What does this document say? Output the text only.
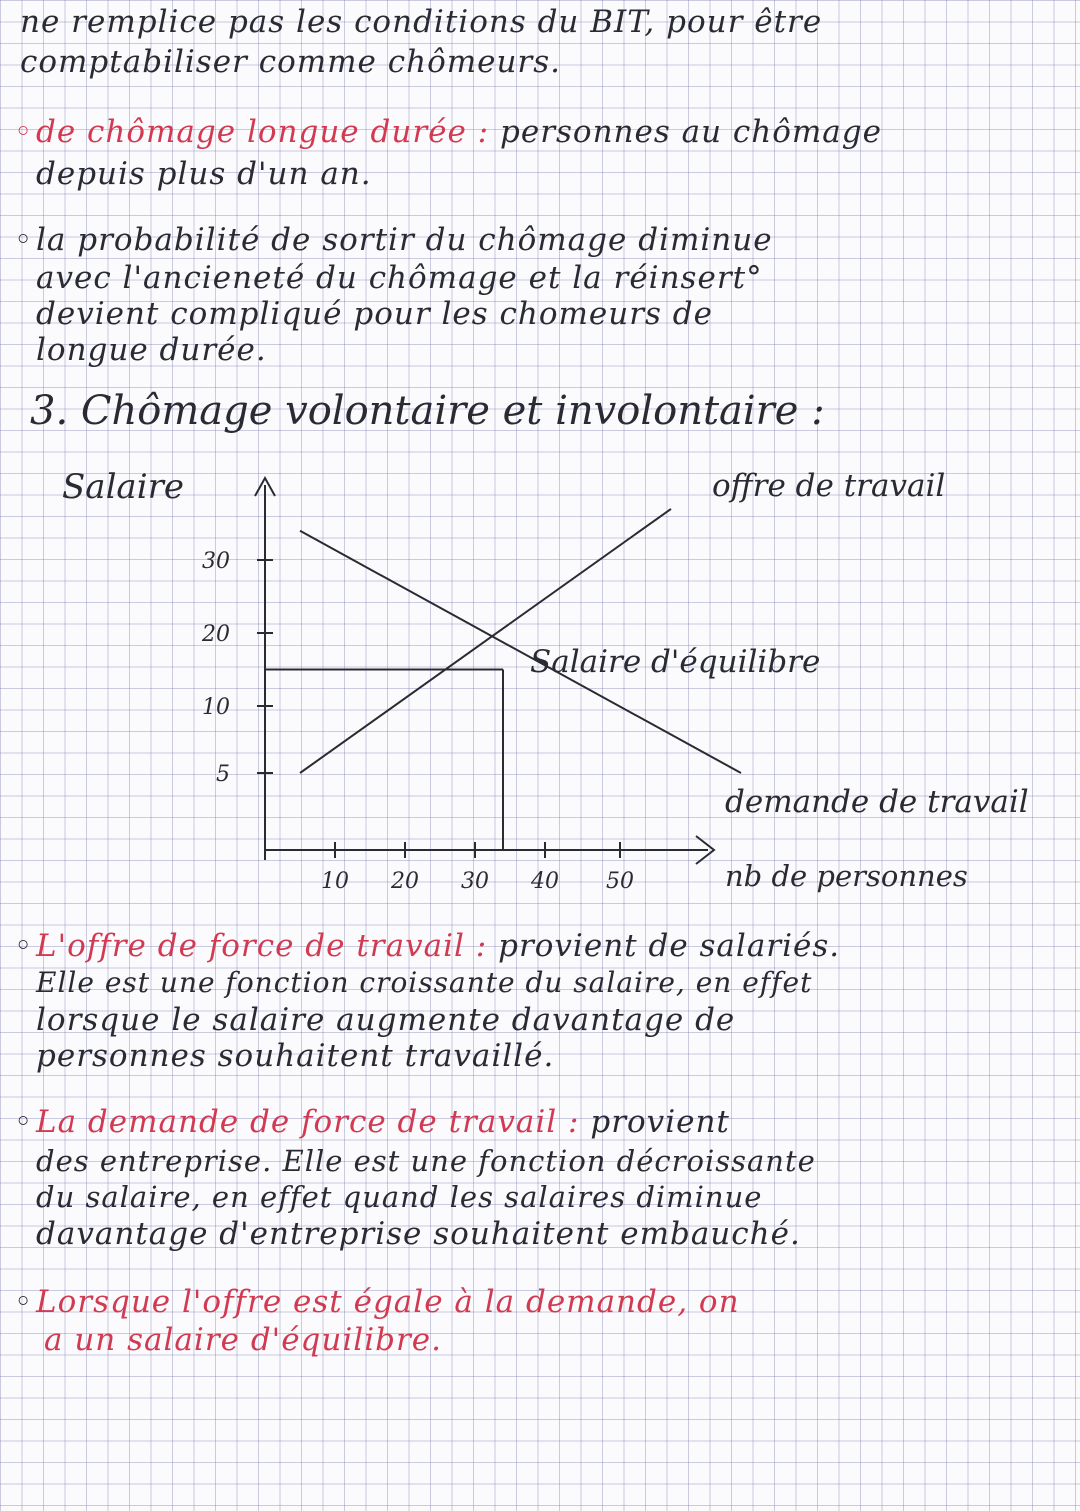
ne remplice pas les conditions du BIT, pour être
comptabiliser comme chômeurs.
◦de chômage longue durée : personnes au chômage
depuis plus d'un an.
◦la probabilité de sortir du chômage diminue
avec l'ancieneté du chômage et la réinsert°
devient compliqué pour les chomeurs de
longue durée.
3. Chômage volontaire et involontaire :
30
20
10
5
10 20 30 40 50
Salaire
nb de personnes
offre de travail
demande de travail
Salaire d'équilibre
◦L'offre de force de travail : provient de salariés.
Elle est une fonction croissante du salaire, en effet
lorsque le salaire augmente davantage de
personnes souhaitent travaillé.
◦La demande de force de travail : provient
des entreprise. Elle est une fonction décroissante
du salaire, en effet quand les salaires diminue
davantage d'entreprise souhaitent embauché.
◦Lorsque l'offre est égale à la demande, on
a un salaire d'équilibre.
